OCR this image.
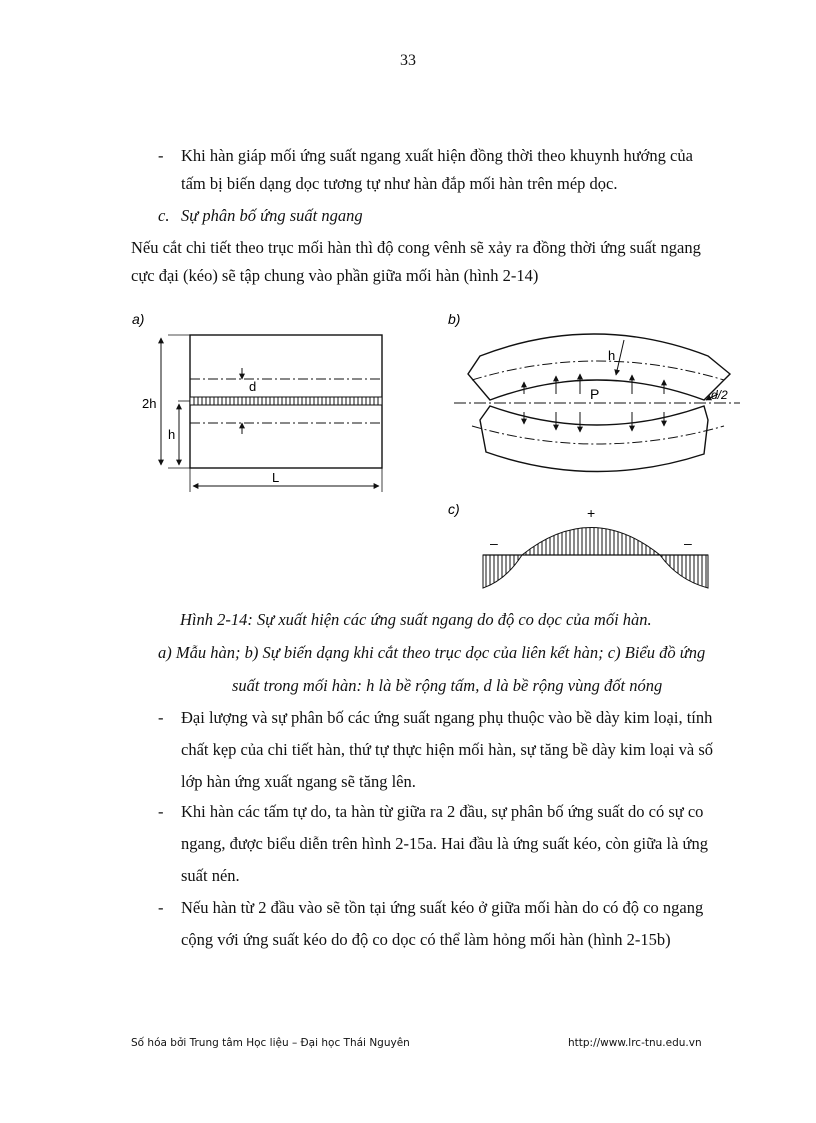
33
-	Khi hàn giáp mối ứng suất ngang xuất hiện đồng thời theo khuynh hướng của
tấm bị biến dạng dọc tương tự như hàn đắp mối hàn trên mép dọc.
c. Sự phân bố ứng suất ngang
Nếu cắt chi tiết theo trục mối hàn thì độ cong vênh sẽ xảy ra đồng thời ứng suất ngang
cực đại (kéo) sẽ tập chung vào phần giữa mối hàn (hình 2-14)
a)
2h
h
d
L
b)
h
P	d/2
c)	+
–	–
Hình 2-14: Sự xuất hiện các ứng suất ngang do độ co dọc của mối hàn.
a) Mẫu hàn; b) Sự biến dạng khi cắt theo trục dọc của liên kết hàn; c) Biểu đồ ứng
suất trong mối hàn: h là bề rộng tấm, d là bề rộng vùng đốt nóng
-	Đại lượng và sự phân bố các ứng suất ngang phụ thuộc vào bề dày kim loại, tính
chất kẹp của chi tiết hàn, thứ tự thực hiện mối hàn, sự tăng bề dày kim loại và số
lớp hàn ứng xuất ngang sẽ tăng lên.
-	Khi hàn các tấm tự do, ta hàn từ giữa ra 2 đầu, sự phân bố ứng suất do có sự co
ngang, được biểu diễn trên hình 2-15a. Hai đầu là ứng suất kéo, còn giữa là ứng
suất nén.
-	Nếu hàn từ 2 đầu vào sẽ tồn tại ứng suất kéo ở giữa mối hàn do có độ co ngang
cộng với ứng suất kéo do độ co dọc có thể làm hỏng mối hàn (hình 2-15b)
Số hóa bởi Trung tâm Học liệu – Đại học Thái Nguyên	http://www.lrc-tnu.edu.vn
